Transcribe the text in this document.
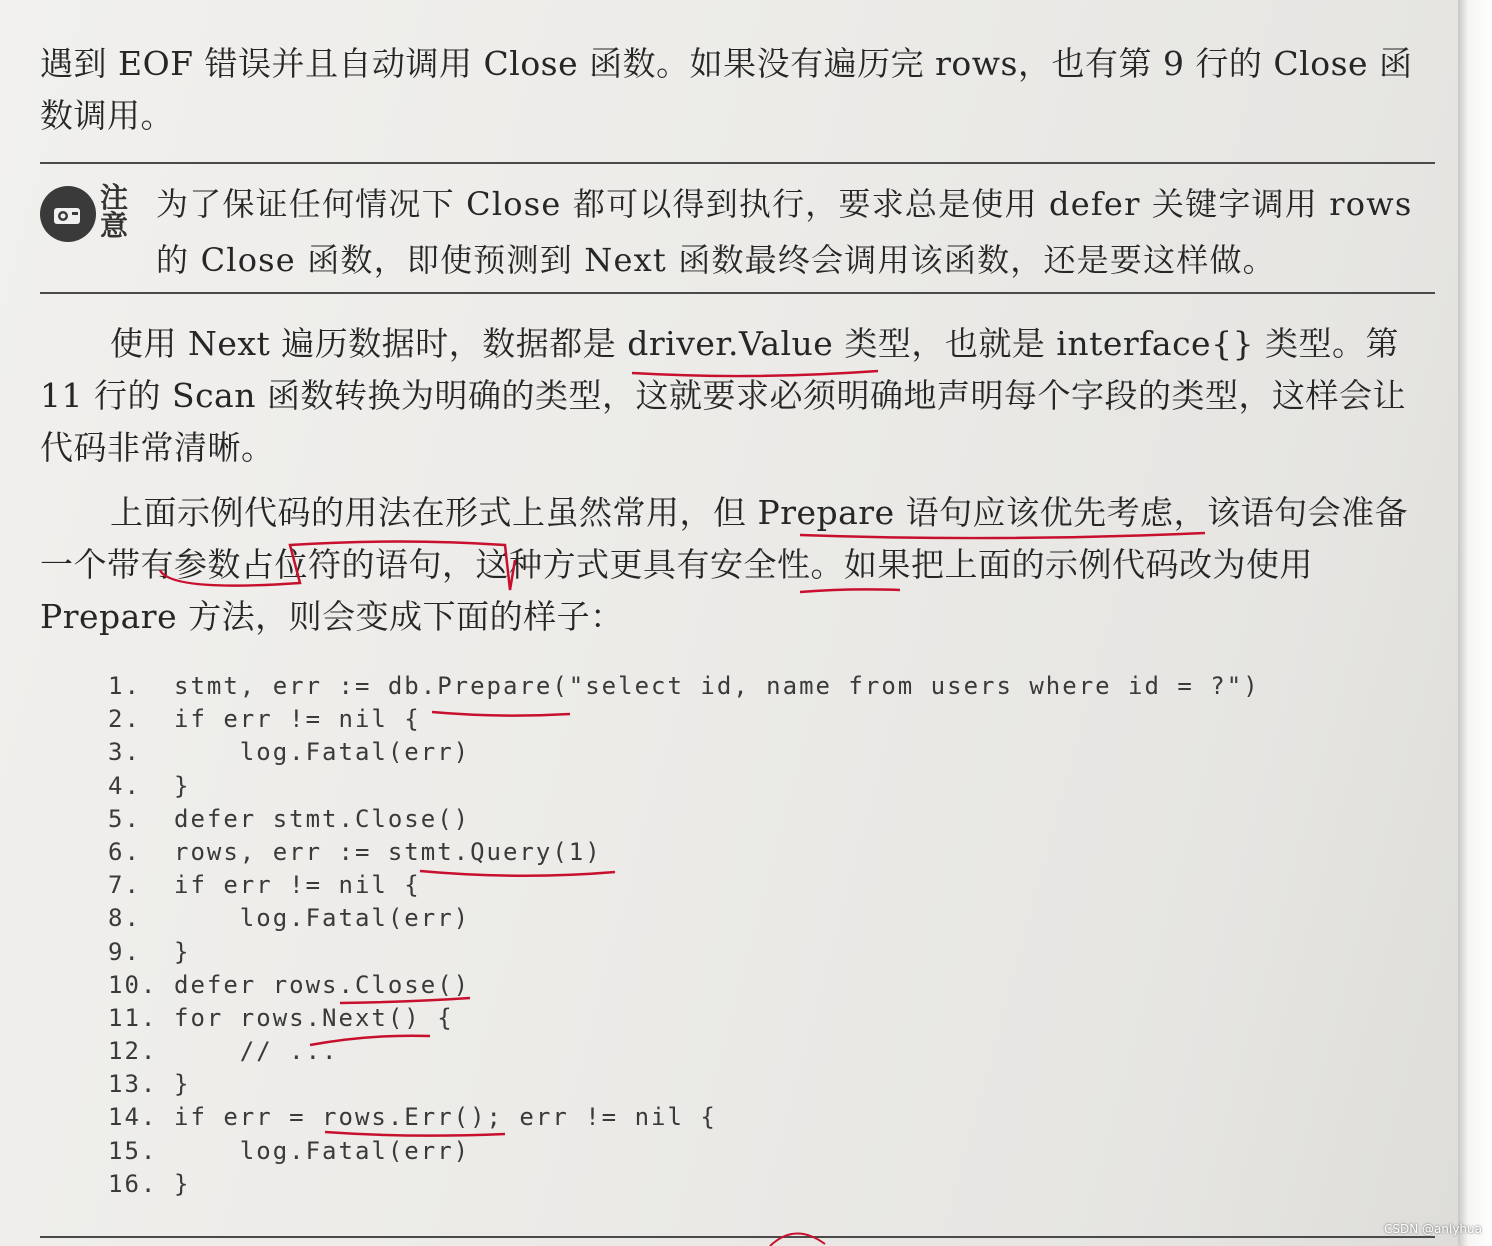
遇到 EOF 错误并且自动调用 Close 函数。如果没有遍历完 rows，也有第 9 行的 Close 函数调用。

注意

为了保证任何情况下 Close 都可以得到执行，要求总是使用 defer 关键字调用 rows 的 Close 函数，即使预测到 Next 函数最终会调用该函数，还是要这样做。

使用 Next 遍历数据时，数据都是 driver.Value 类型，也就是 interface{} 类型。第 11 行的 Scan 函数转换为明确的类型，这就要求必须明确地声明每个字段的类型，这样会让代码非常清晰。

上面示例代码的用法在形式上虽然常用，但 Prepare 语句应该优先考虑，该语句会准备一个带有参数占位符的语句，这种方式更具有安全性。如果把上面的示例代码改为使用 Prepare 方法，则会变成下面的样子：

1. stmt, err := db.Prepare("select id, name from users where id = ?")
2. if err != nil {
3.    log.Fatal(err)
4. }
5. defer stmt.Close()
6. rows, err := stmt.Query(1)
7. if err != nil {
8.    log.Fatal(err)
9. }
10. defer rows.Close()
11. for rows.Next() {
12.    // ...
13. }
14. if err = rows.Err(); err != nil {
15.    log.Fatal(err)
16. }
CSDN @anlyhua
